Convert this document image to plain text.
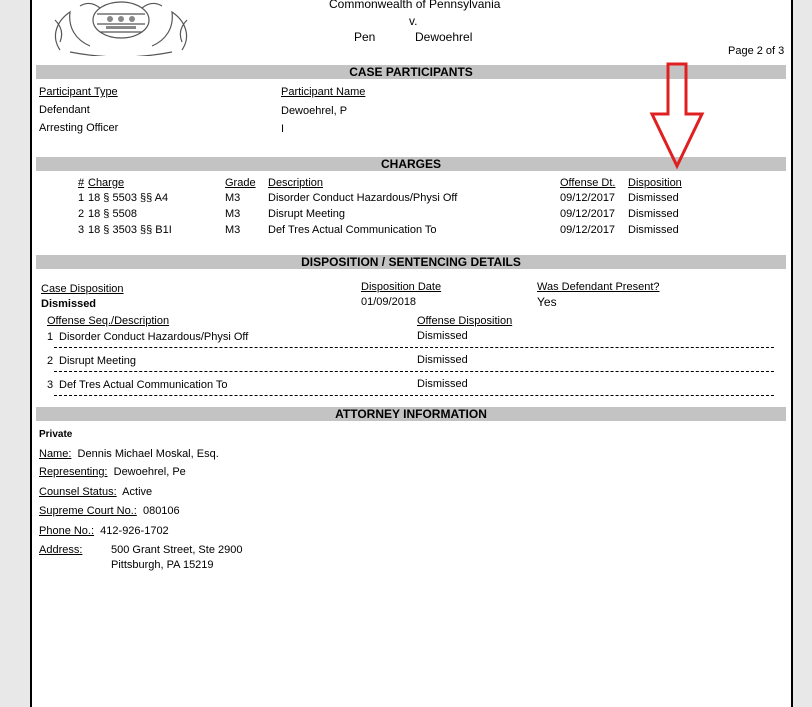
Commonwealth of Pennsylvania
v.
Pen	Dewoehrel
Page 2 of 3
CASE PARTICIPANTS
Participant Type	Participant Name
Defendant	Dewoehrel, P
Arresting Officer	I
CHARGES
# Charge	Grade Description	Offense Dt. Disposition
1 18 § 5503 §§ A4	M3	Disorder Conduct Hazardous/Physi Off	09/12/2017 Dismissed
2 18 § 5508	M3	Disrupt Meeting	09/12/2017 Dismissed
3 18 § 3503 §§ B1I	M3	Def Tres Actual Communication To	09/12/2017 Dismissed
DISPOSITION / SENTENCING DETAILS
Case Disposition
Dismissed
Disposition Date
01/09/2018
Was Defendant Present?
Yes
Offense Seq./Description	Offense Disposition
1 Disorder Conduct Hazardous/Physi Off	Dismissed
2 Disrupt Meeting	Dismissed
3 Def Tres Actual Communication To	Dismissed
ATTORNEY INFORMATION
Private
Name: Dennis Michael Moskal, Esq.
Representing: Dewoehrel, Pe
Counsel Status: Active
Supreme Court No.: 080106
Phone No.: 412-926-1702
Address:	500 Grant Street, Ste 2900
Pittsburgh, PA 15219
